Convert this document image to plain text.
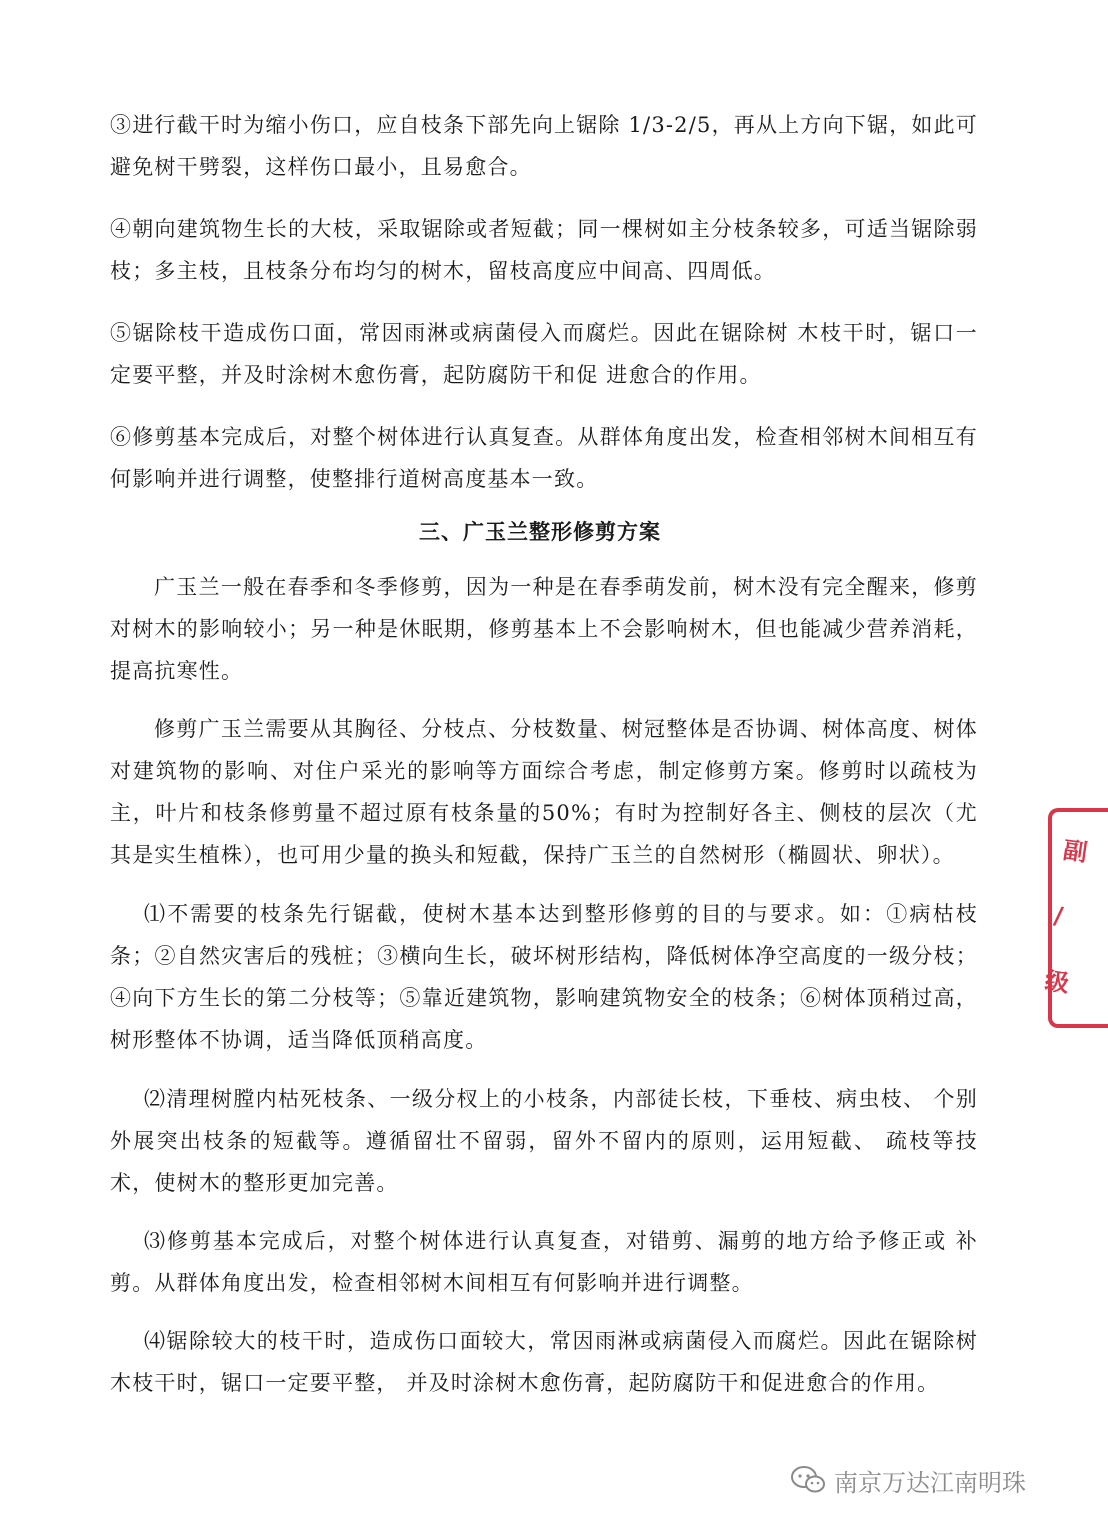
③进行截干时为缩小伤口，应自枝条下部先向上锯除 1/3-2/5，再从上方向下锯，如此可避免树干劈裂，这样伤口最小，且易愈合。

④朝向建筑物生长的大枝，采取锯除或者短截；同一棵树如主分枝条较多，可适当锯除弱枝；多主枝，且枝条分布均匀的树木，留枝高度应中间高、四周低。

⑤锯除枝干造成伤口面，常因雨淋或病菌侵入而腐烂。因此在锯除树 木枝干时，锯口一定要平整，并及时涂树木愈伤膏，起防腐防干和促 进愈合的作用。

⑥修剪基本完成后，对整个树体进行认真复查。从群体角度出发，检查相邻树木间相互有何影响并进行调整，使整排行道树高度基本一致。

三、广玉兰整形修剪方案

广玉兰一般在春季和冬季修剪，因为一种是在春季萌发前，树木没有完全醒来，修剪对树木的影响较小；另一种是休眠期，修剪基本上不会影响树木，但也能减少营养消耗，提高抗寒性。

修剪广玉兰需要从其胸径、分枝点、分枝数量、树冠整体是否协调、树体高度、树体对建筑物的影响、对住户采光的影响等方面综合考虑，制定修剪方案。修剪时以疏枝为主，叶片和枝条修剪量不超过原有枝条量的50%；有时为控制好各主、侧枝的层次（尤其是实生植株），也可用少量的换头和短截，保持广玉兰的自然树形（椭圆状、卵状）。

⑴不需要的枝条先行锯截，使树木基本达到整形修剪的目的与要求。如：①病枯枝条；②自然灾害后的残桩；③横向生长，破坏树形结构，降低树体净空高度的一级分枝；④向下方生长的第二分枝等；⑤靠近建筑物，影响建筑物安全的枝条；⑥树体顶稍过高，树形整体不协调，适当降低顶稍高度。

⑵清理树膛内枯死枝条、一级分杈上的小枝条，内部徒长枝，下垂枝、病虫枝、 个别外展突出枝条的短截等。遵循留壮不留弱，留外不留内的原则，运用短截、 疏枝等技术，使树木的整形更加完善。

⑶修剪基本完成后，对整个树体进行认真复查，对错剪、漏剪的地方给予修正或 补剪。从群体角度出发，检查相邻树木间相互有何影响并进行调整。

⑷锯除较大的枝干时，造成伤口面较大，常因雨淋或病菌侵入而腐烂。因此在锯除树木枝干时，锯口一定要平整， 并及时涂树木愈伤膏，起防腐防干和促进愈合的作用。

副 / 级
南京万达江南明珠
